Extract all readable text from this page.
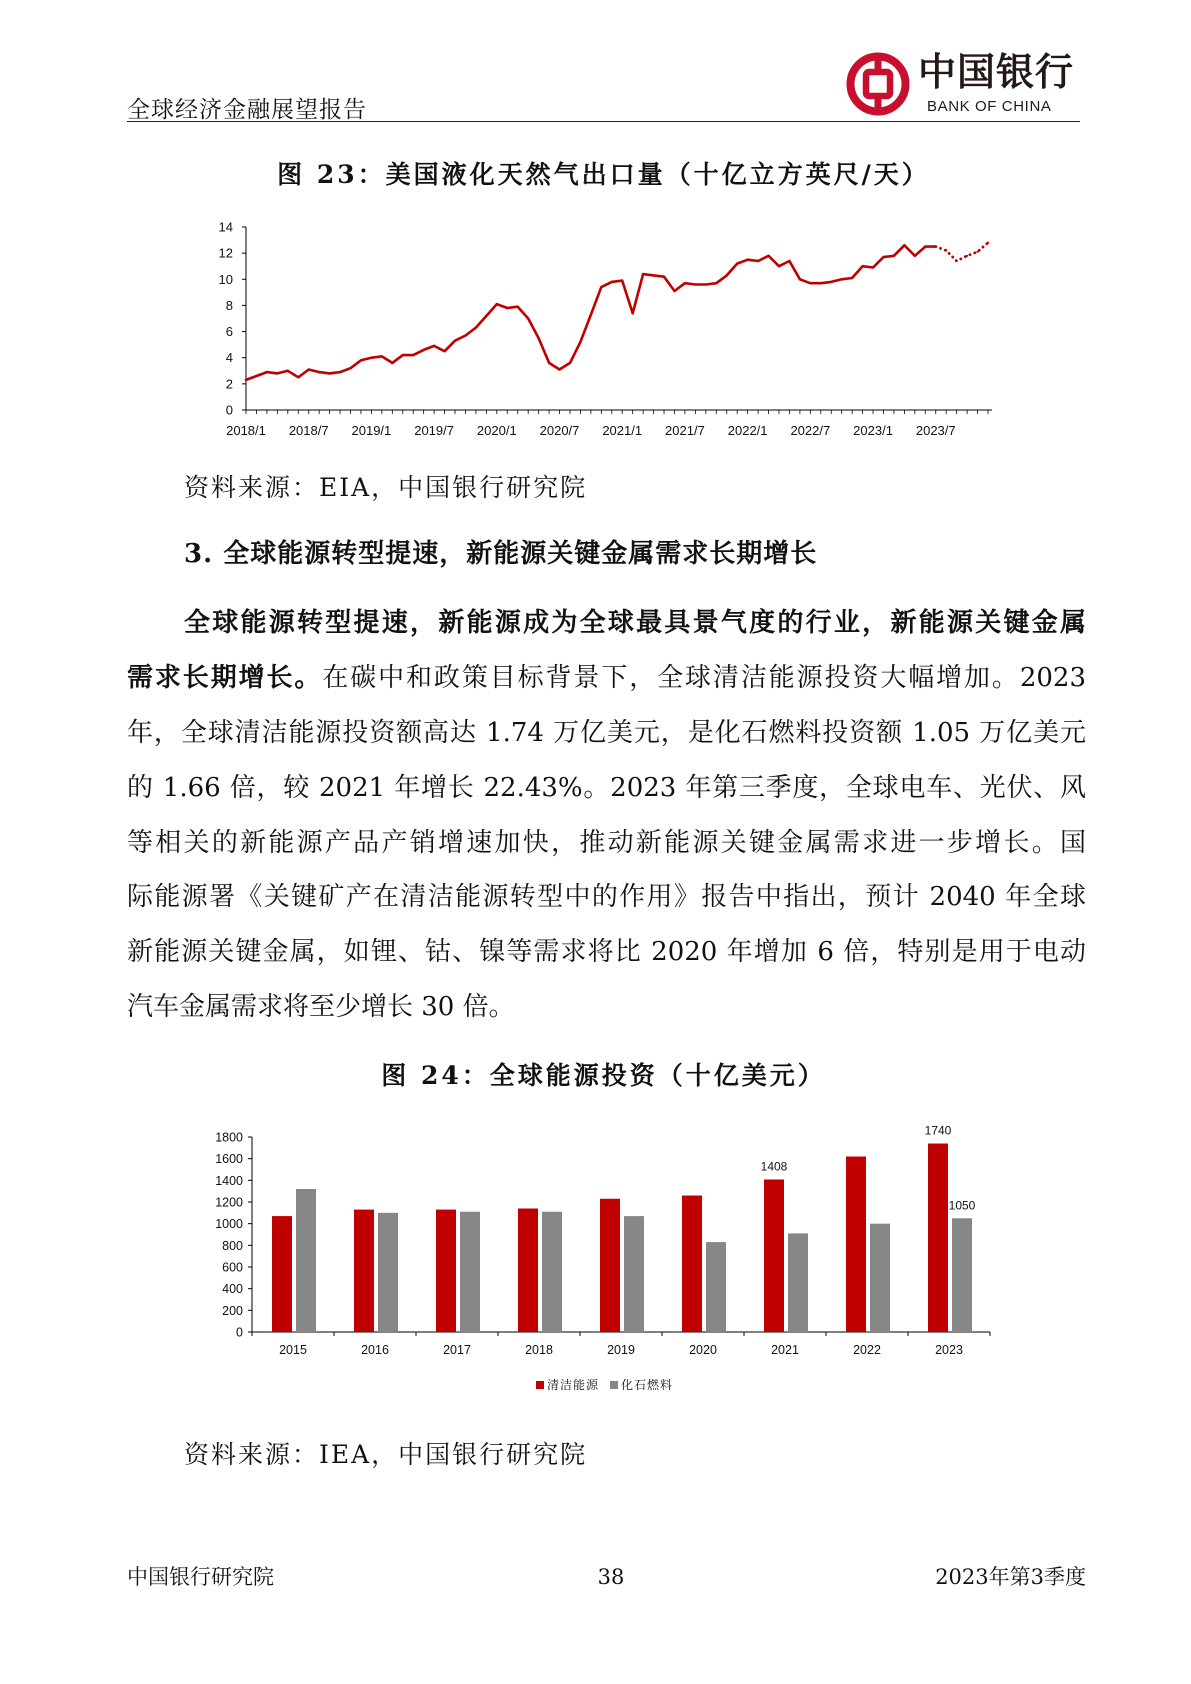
全球经济金融展望报告
中国银行
BANK OF CHINA
图 23：美国液化天然气出口量（十亿立方英尺/天）
0
2
4
6
8
10
12
14
2018/1 2018/7 2019/1 2019/7 2020/1 2020/7 2021/1 2021/7 2022/1 2022/7 2023/1 2023/7
资料来源：EIA，中国银行研究院
3. 全球能源转型提速，新能源关键金属需求长期增长
全球能源转型提速，新能源成为全球最具景气度的行业，新能源关键金属
需求长期增长。在碳中和政策目标背景下，全球清洁能源投资大幅增加。2023
年，全球清洁能源投资额高达 1.74 万亿美元，是化石燃料投资额 1.05 万亿美元
的 1.66 倍，较 2021 年增长 22.43%。2023 年第三季度，全球电车、光伏、风
等相关的新能源产品产销增速加快，推动新能源关键金属需求进一步增长。国
际能源署《关键矿产在清洁能源转型中的作用》报告中指出，预计 2040 年全球
新能源关键金属，如锂、钴、镍等需求将比 2020 年增加 6 倍，特别是用于电动
汽车金属需求将至少增长 30 倍。
图 24：全球能源投资（十亿美元）
0
200
400
600
800
1000
1200
1400
1600
1800
2015	2016	2017	2018	2019	2020	2021	2022	2023
1408
1740
1050
清洁能源 化石燃料
资料来源：IEA，中国银行研究院
中国银行研究院	38	2023年第3季度
